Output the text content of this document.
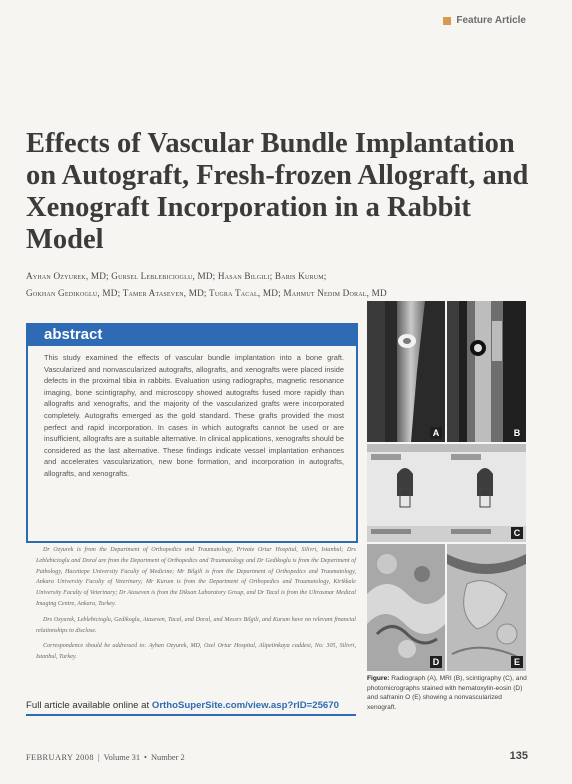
Feature Article
Effects of Vascular Bundle Implantation on Autograft, Fresh-frozen Allograft, and Xenograft Incorporation in a Rabbit Model
Ayhan Ozyurek, MD; Gursel Leblebicioglu, MD; Hasan Bilgili; Baris Kurum;
Gokhan Gedikoglu, MD; Tamer Ataseven, MD; Tugra Tacal, MD; Mahmut Nedim Doral, MD
abstract
This study examined the effects of vascular bundle implantation into a bone graft. Vascularized and nonvascularized autografts, allografts, and xenografts were placed inside defects in the proximal tibia in rabbits. Evaluation using radiographs, magnetic resonance imaging, bone scintigraphy, and microscopy showed autografts fused more rapidly than allografts and xenografts, and the majority of the vascularized grafts were incorporated completely. Autografts emerged as the gold standard. These grafts provided the most perfect and rapid incorporation. In cases in which autografts cannot be used or are insufficient, allografts are a suitable alternative. In clinical applications, xenografts should be considered as the last alternative. These findings indicate vessel implantation enhances and accelerates vascularization, new bone formation, and incorporation in autografts, allografts, and xenografts.

Dr Ozyurek is from the Department of Orthopedics and Traumatology, Private Ortur Hospital, Silivri, Istanbul; Drs Leblebicioglu and Doral are from the Department of Orthopedics and Traumatology and Dr Gedikoglu is from the Department of Pathology, Hacettepe University Faculty of Medicine; Mr Bilgili is from the Department of Orthopedics and Traumatology, Ankara University Faculty of Veterinary; Mr Kurum is from the Department of Orthopedics and Traumatology, Kirikkale University Faculty of Veterinary; Dr Ataseven is from the Diksan Laboratory Group, and Dr Tacal is from the Ultrasmar Medical Imaging Centre, Ankara, Turkey.

Drs Ozyurek, Leblebicioglu, Gedikoglu, Ataseven, Tacal, and Doral, and Messrs Bilgili, and Kurum have no relevant financial relationships to disclose.

Correspondence should be addressed to: Ayhan Ozyurek, MD, Ozel Ortur Hospital, Alipetinkaya caddesi, No: 305, Silivri, Istanbul, Turkey.

Full article available online at OrthoSuperSite.com/view.asp?rID=25670
FEBRUARY 2008 | Volume 31 • Number 2	135
A	B
C
D	E
Figure: Radiograph (A), MRI (B), scintigraphy (C), and photomicrographs stained with hematoxylin-eosin (D) and safranin O (E) showing a nonvascularized xenograft.
